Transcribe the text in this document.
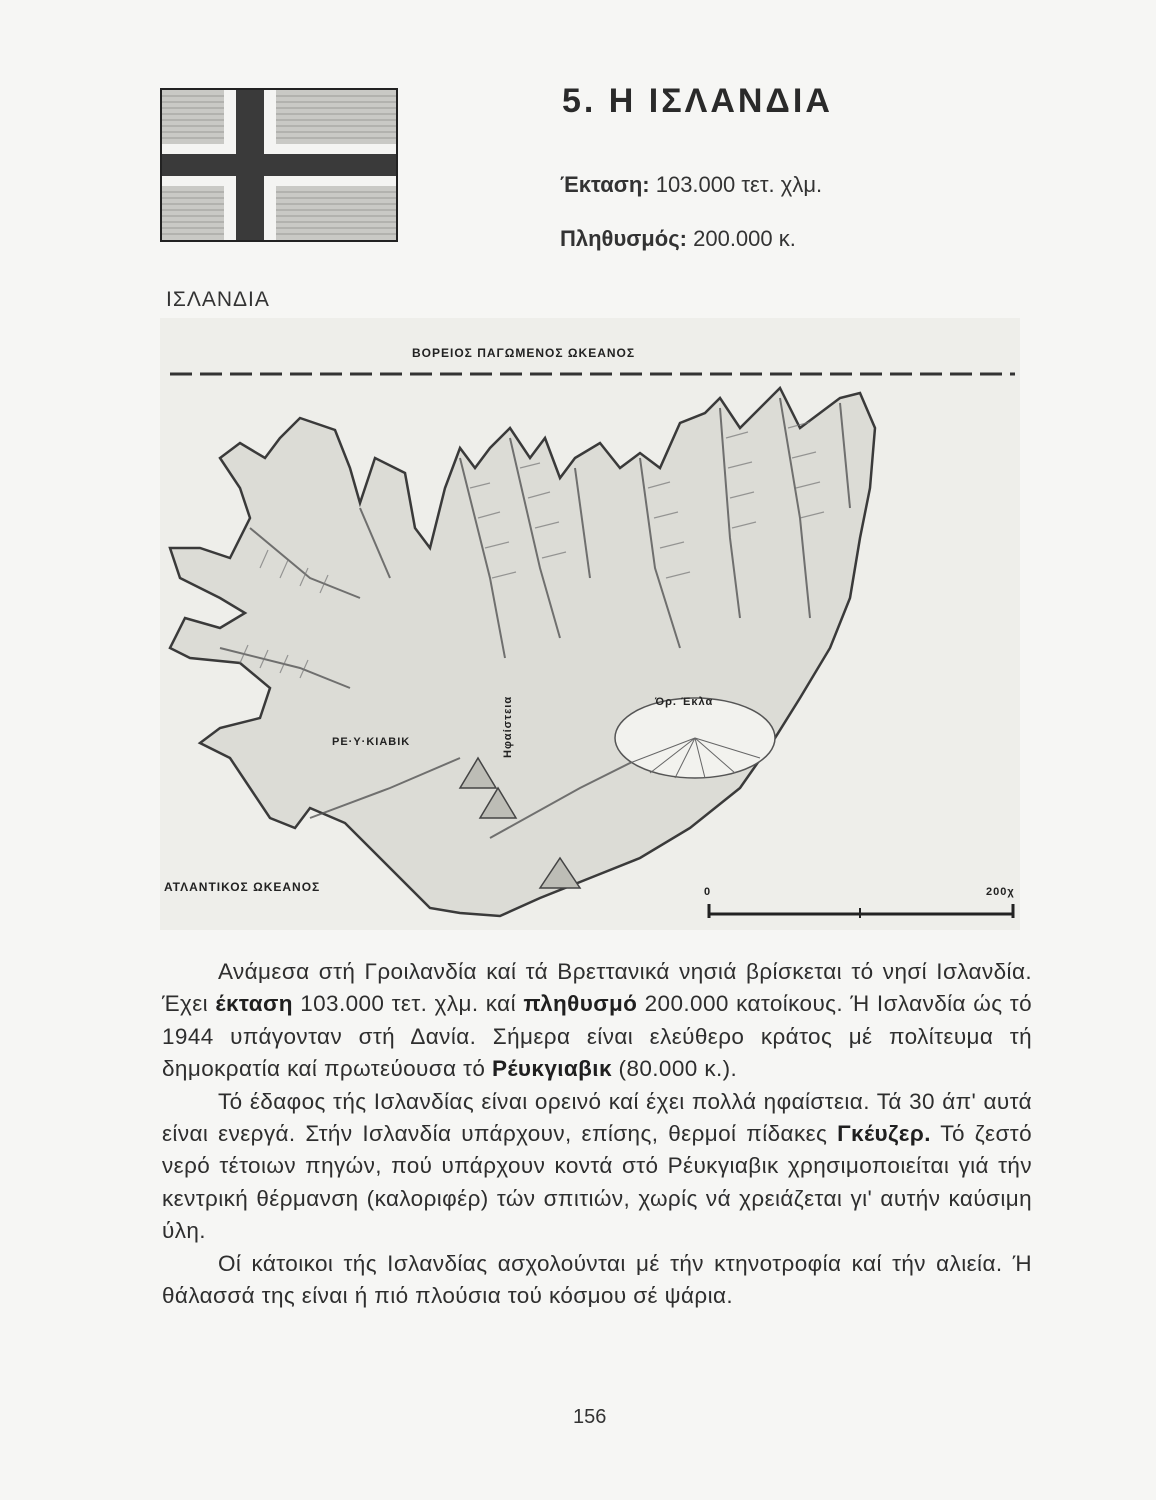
ΙΣΛΑΝΔΙΑ
5. Η ΙΣΛΑΝΔΙΑ
Έκταση: 103.000 τετ. χλμ.
Πληθυσμός: 200.000 κ.
ΒΟΡΕΙΟΣ ΠΑΓΩΜΕΝΟΣ ΩΚΕΑΝΟΣ
ΑΤΛΑΝΤΙΚΟΣ ΩΚΕΑΝΟΣ
ΡΕ·Υ·ΚΙΑΒΙΚ
Όρ. Έκλα
Ηφαίστεια
0	200χ

Ανάμεσα στή Γροιλανδία καί τά Βρεττανικά νησιά βρίσκεται τό νησί Ισλανδία. Έχει έκταση 103.000 τετ. χλμ. καί πληθυσμό 200.000 κατοίκους. Ή Ισλανδία ώς τό 1944 υπάγονταν στή Δανία. Σήμερα είναι ελεύθερο κράτος μέ πολίτευμα τή δημοκρατία καί πρωτεύουσα τό Ρέυκγιαβικ (80.000 κ.).

Τό έδαφος τής Ισλανδίας είναι ορεινό καί έχει πολλά ηφαίστεια. Τά 30 άπ' αυτά είναι ενεργά. Στήν Ισλανδία υπάρχουν, επίσης, θερμοί πίδακες Γκέυζερ. Τό ζεστό νερό τέτοιων πηγών, πού υπάρχουν κοντά στό Ρέυκγιαβικ χρησιμοποιείται γιά τήν κεντρική θέρμανση (καλοριφέρ) τών σπιτιών, χωρίς νά χρειάζεται γι' αυτήν καύσιμη ύλη.

Οί κάτοικοι τής Ισλανδίας ασχολούνται μέ τήν κτηνοτροφία καί τήν αλιεία. Ή θάλασσά της είναι ή πιό πλούσια τού κόσμου σέ ψάρια.

156
